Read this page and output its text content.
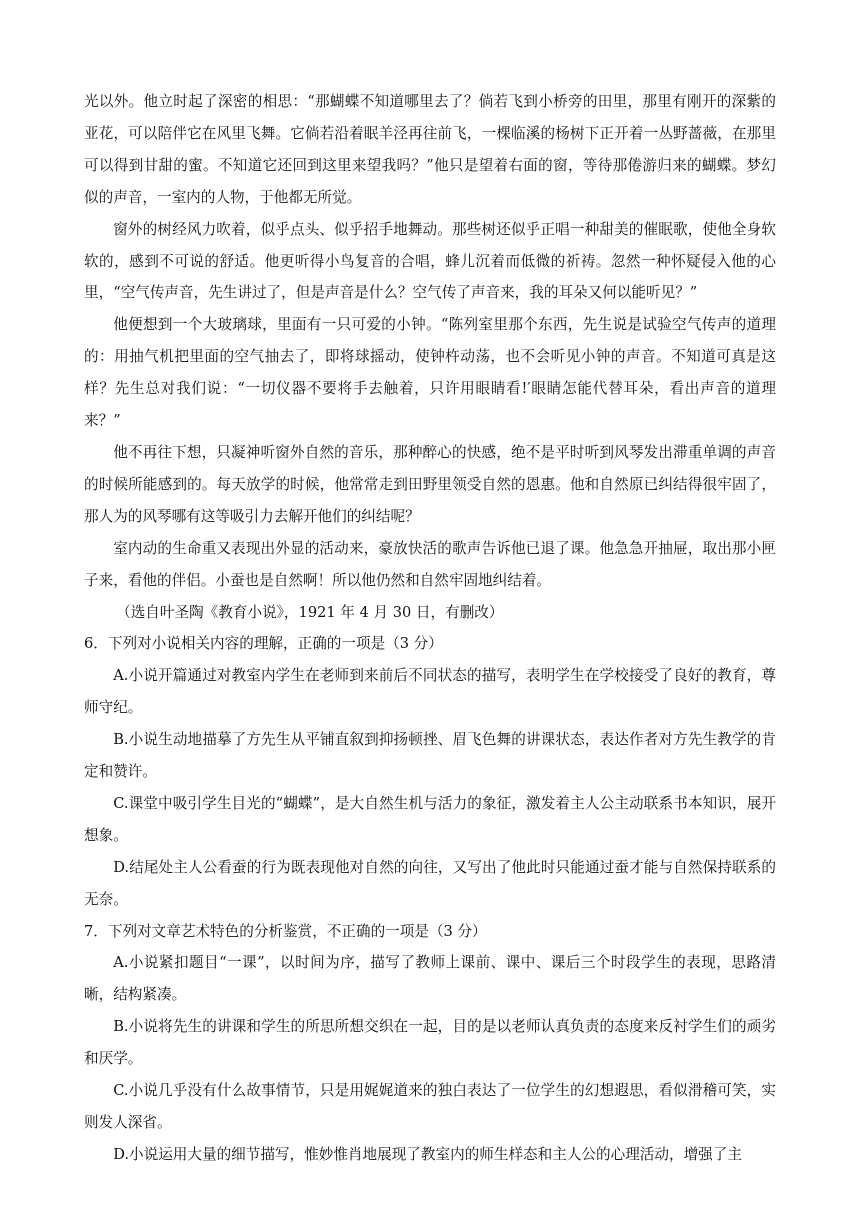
光以外。他立时起了深密的相思：“那蝴蝶不知道哪里去了？倘若飞到小桥旁的田里，那里有刚开的深紫的亚花，可以陪伴它在风里飞舞。它倘若沿着眠羊泾再往前飞，一棵临溪的杨树下正开着一丛野蔷薇，在那里可以得到甘甜的蜜。不知道它还回到这里来望我吗？”他只是望着右面的窗，等待那倦游归来的蝴蝶。梦幻似的声音，一室内的人物，于他都无所觉。

窗外的树经风力吹着，似乎点头、似乎招手地舞动。那些树还似乎正唱一种甜美的催眠歌，使他全身软软的，感到不可说的舒适。他更听得小鸟复音的合唱，蜂儿沉着而低微的祈祷。忽然一种怀疑侵入他的心里，“空气传声音，先生讲过了，但是声音是什么？空气传了声音来，我的耳朵又何以能听见？”

他便想到一个大玻璃球，里面有一只可爱的小钟。“陈列室里那个东西，先生说是试验空气传声的道理的：用抽气机把里面的空气抽去了，即将球摇动，使钟杵动荡，也不会听见小钟的声音。不知道可真是这样？先生总对我们说：“一切仪器不要将手去触着，只许用眼睛看!′眼睛怎能代替耳朵，看出声音的道理来？”

他不再往下想，只凝神听窗外自然的音乐，那种醉心的快感，绝不是平时听到风琴发出滞重单调的声音的时候所能感到的。每天放学的时候，他常常走到田野里领受自然的恩惠。他和自然原已纠结得很牢固了，那人为的风琴哪有这等吸引力去解开他们的纠结呢？

室内动的生命重又表现出外显的活动来，豪放快活的歌声告诉他已退了课。他急急开抽屉，取出那小匣子来，看他的伴侣。小蚕也是自然啊！所以他仍然和自然牢固地纠结着。

（选自叶圣陶《教育小说》，1921 年 4 月 30 日，有删改）

6．下列对小说相关内容的理解，正确的一项是（3 分）

A.小说开篇通过对教室内学生在老师到来前后不同状态的描写，表明学生在学校接受了良好的教育，尊师守纪。

B.小说生动地描摹了方先生从平铺直叙到抑扬顿挫、眉飞色舞的讲课状态，表达作者对方先生教学的肯定和赞许。

C.课堂中吸引学生目光的“蝴蝶”，是大自然生机与活力的象征，激发着主人公主动联系书本知识，展开想象。

D.结尾处主人公看蚕的行为既表现他对自然的向往，又写出了他此时只能通过蚕才能与自然保持联系的无奈。

7．下列对文章艺术特色的分析鉴赏，不正确的一项是（3 分）

A.小说紧扣题目“一课”，以时间为序，描写了教师上课前、课中、课后三个时段学生的表现，思路清晰，结构紧凑。

B.小说将先生的讲课和学生的所思所想交织在一起，目的是以老师认真负责的态度来反衬学生们的顽劣和厌学。

C.小说几乎没有什么故事情节，只是用娓娓道来的独白表达了一位学生的幻想遐思，看似滑稽可笑，实则发人深省。

D.小说运用大量的细节描写，惟妙惟肖地展现了教室内的师生样态和主人公的心理活动，增强了主
